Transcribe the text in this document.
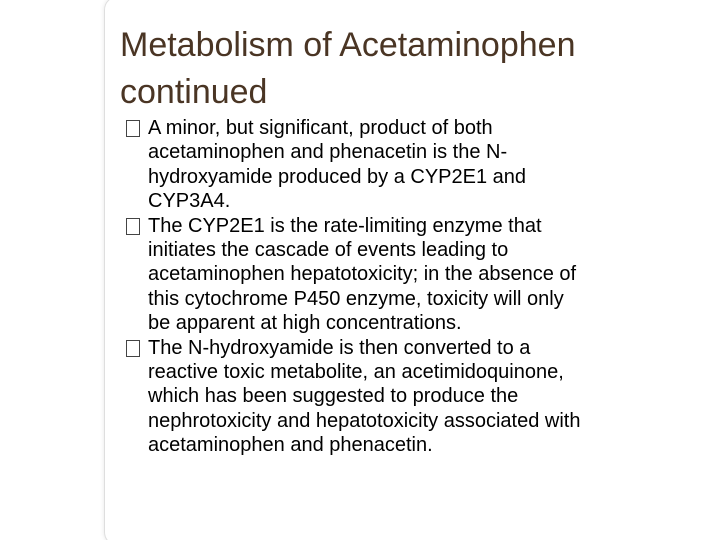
Metabolism of Acetaminophen
continued
A minor, but significant, product of both
acetaminophen and phenacetin is the N-
hydroxyamide produced by a CYP2E1 and
CYP3A4.
The CYP2E1 is the rate-limiting enzyme that
initiates the cascade of events leading to
acetaminophen hepatotoxicity; in the absence of
this cytochrome P450 enzyme, toxicity will only
be apparent at high concentrations.
The N-hydroxyamide is then converted to a
reactive toxic metabolite, an acetimidoquinone,
which has been suggested to produce the
nephrotoxicity and hepatotoxicity associated with
acetaminophen and phenacetin.
